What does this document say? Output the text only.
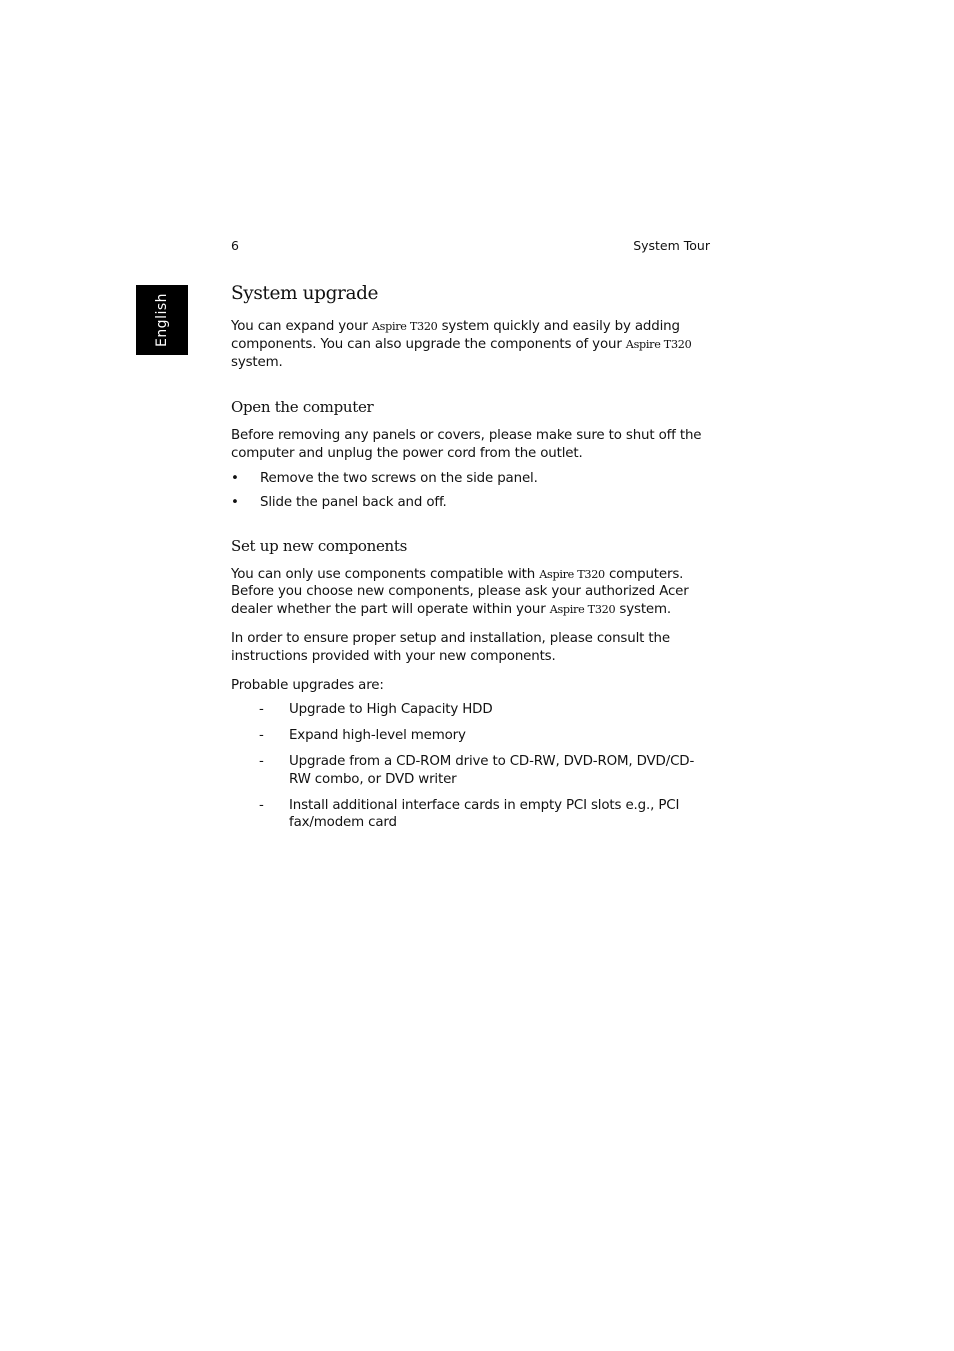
6	System Tour
English	System upgrade

You can expand your Aspire T320 system quickly and easily by adding components. You can also upgrade the components of your Aspire T320 system.

Open the computer

Before removing any panels or covers, please make sure to shut off the computer and unplug the power cord from the outlet.

• Remove the two screws on the side panel.
• Slide the panel back and off.
Set up new components

You can only use components compatible with Aspire T320 computers. Before you choose new components, please ask your authorized Acer dealer whether the part will operate within your Aspire T320 system.

In order to ensure proper setup and installation, please consult the instructions provided with your new components.

Probable upgrades are:

- Upgrade to High Capacity HDD
- Expand high-level memory
- Upgrade from a CD-ROM drive to CD-RW, DVD-ROM, DVD/CD-RW combo, or DVD writer
- Install additional interface cards in empty PCI slots e.g., PCI fax/modem card
